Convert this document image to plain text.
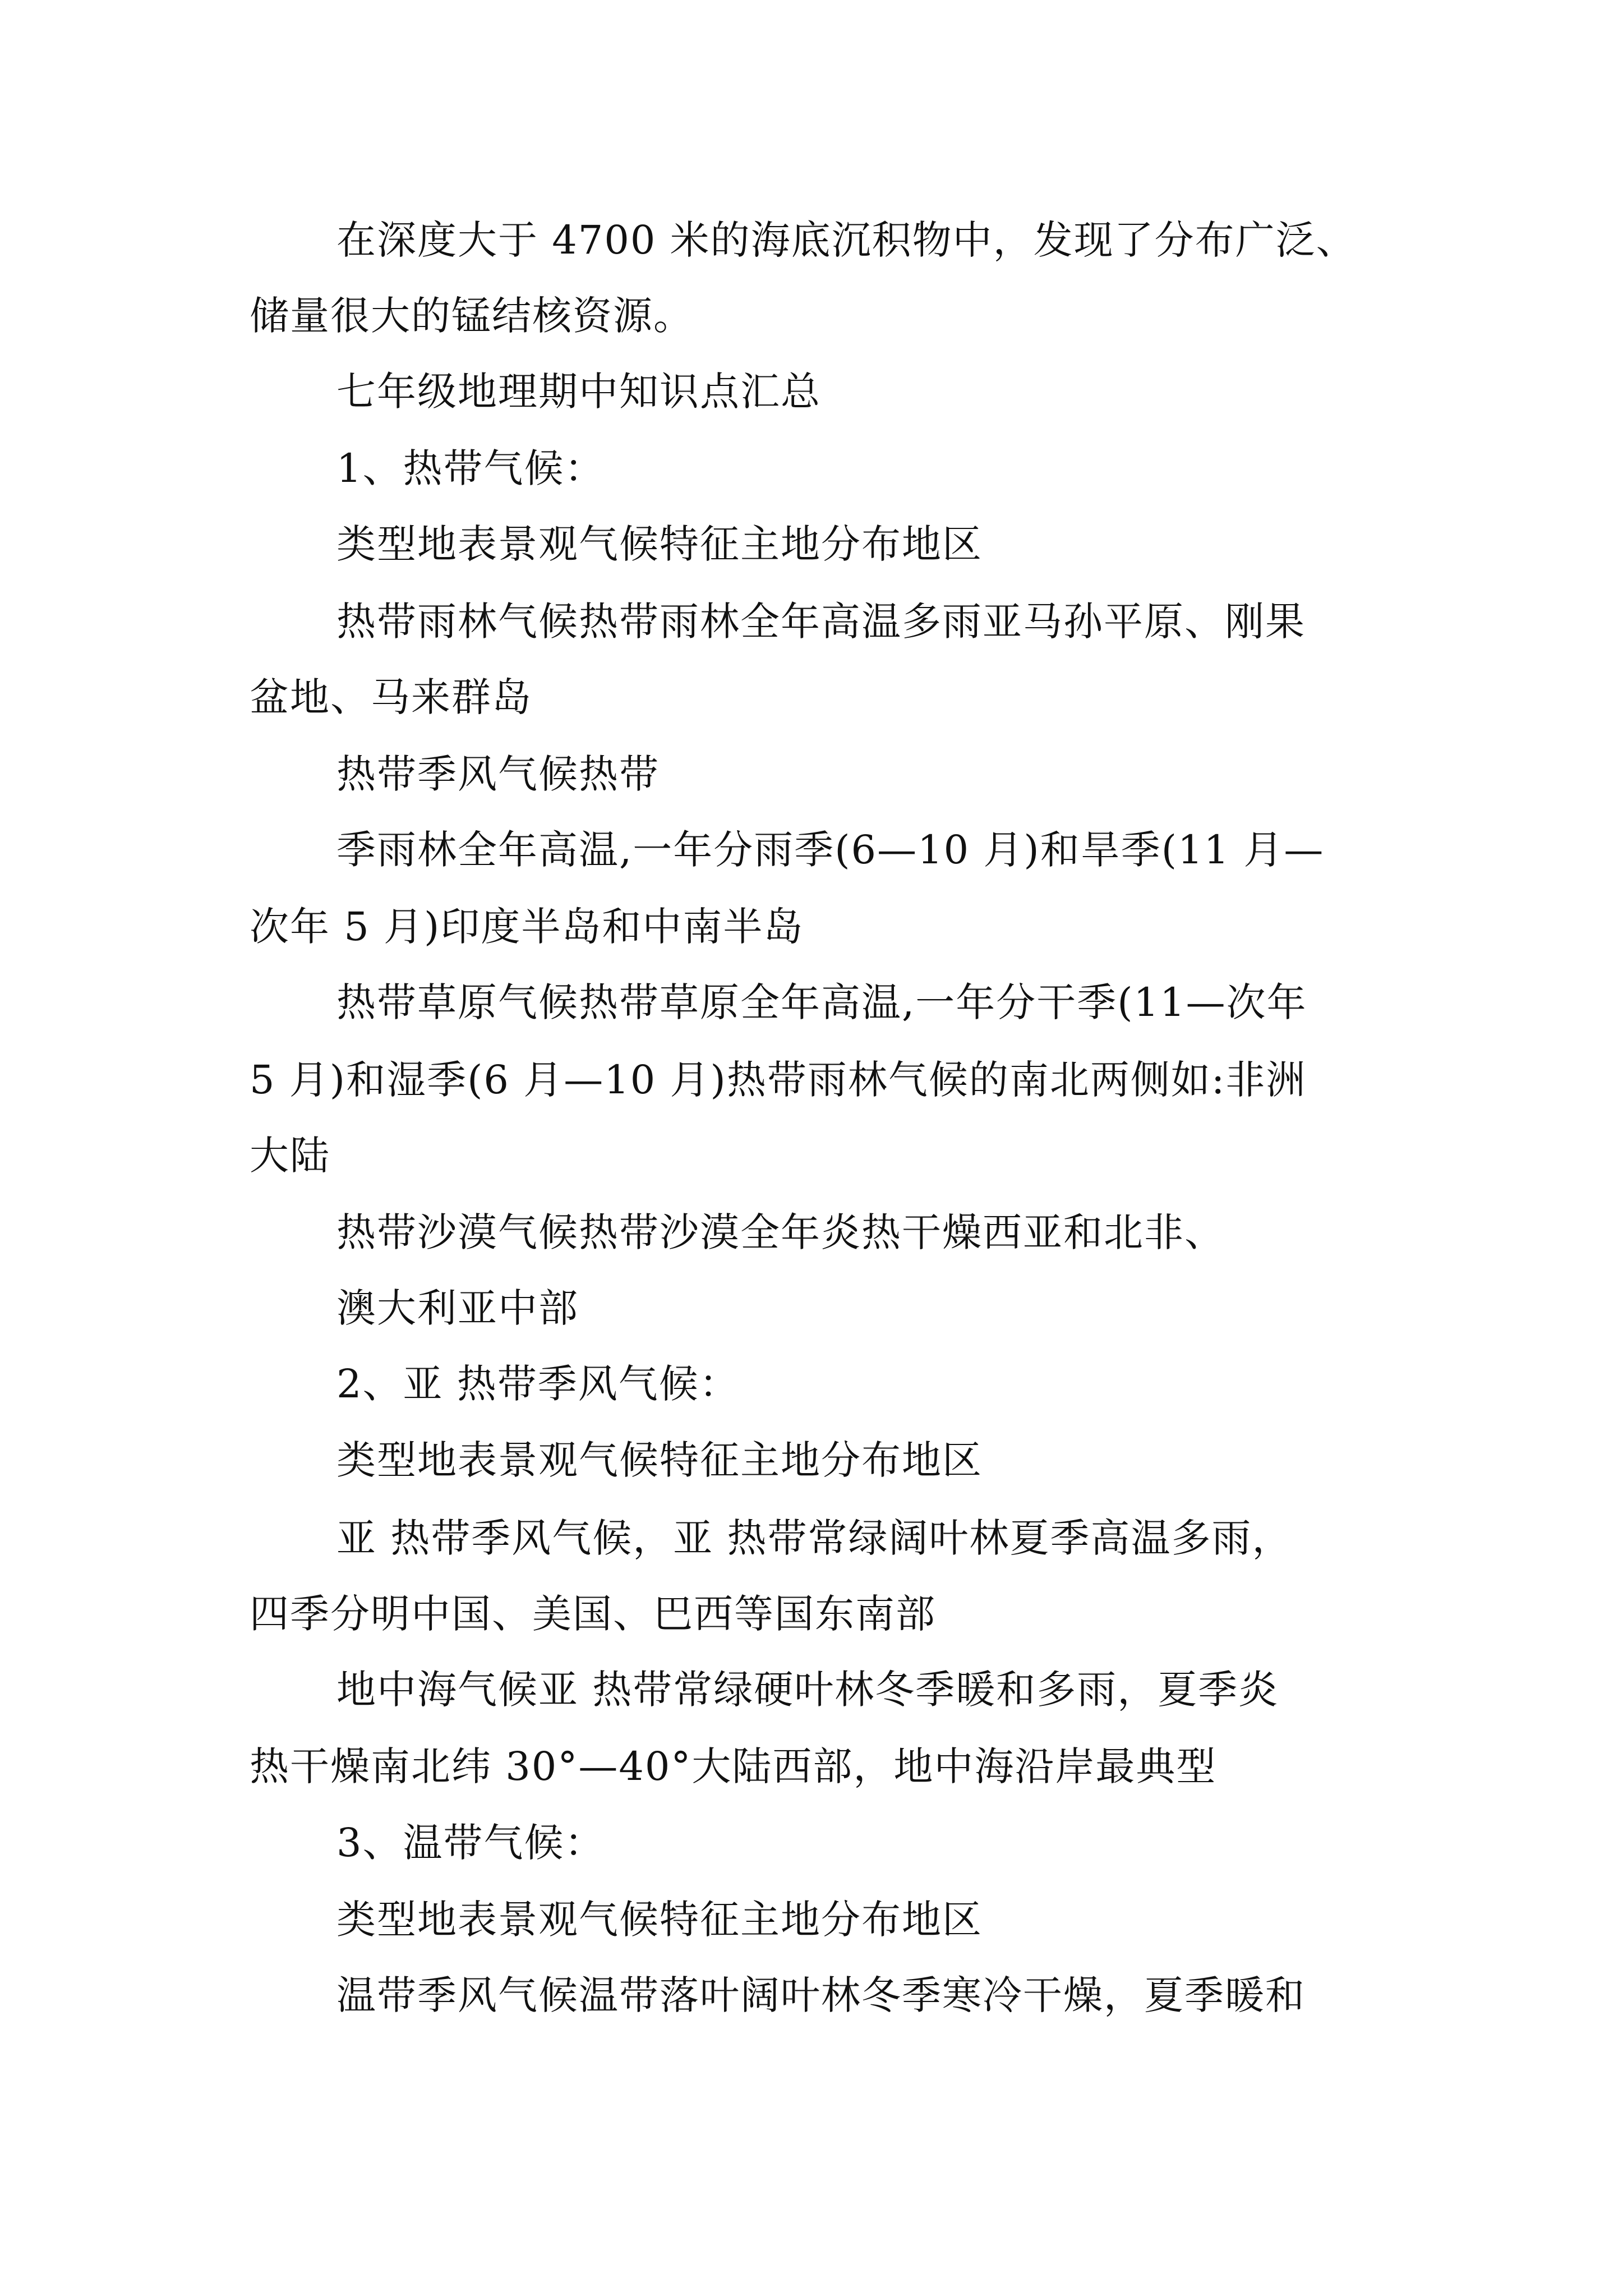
在深度大于 4700 米的海底沉积物中，发现了分布广泛、
储量很大的锰结核资源。
七年级地理期中知识点汇总
1、热带气候：
类型地表景观气候特征主地分布地区
热带雨林气候热带雨林全年高温多雨亚马孙平原、刚果
盆地、马来群岛
热带季风气候热带
季雨林全年高温,一年分雨季(6—10 月)和旱季(11 月—
次年 5 月)印度半岛和中南半岛
热带草原气候热带草原全年高温,一年分干季(11—次年
5 月)和湿季(6 月—10 月)热带雨林气候的南北两侧如:非洲
大陆
热带沙漠气候热带沙漠全年炎热干燥西亚和北非、
澳大利亚中部
2、亚 热带季风气候：
类型地表景观气候特征主地分布地区
亚 热带季风气候，亚 热带常绿阔叶林夏季高温多雨，
四季分明中国、美国、巴西等国东南部
地中海气候亚 热带常绿硬叶林冬季暖和多雨，夏季炎
热干燥南北纬 30°—40°大陆西部，地中海沿岸最典型
3、温带气候：
类型地表景观气候特征主地分布地区
温带季风气候温带落叶阔叶林冬季寒冷干燥，夏季暖和
